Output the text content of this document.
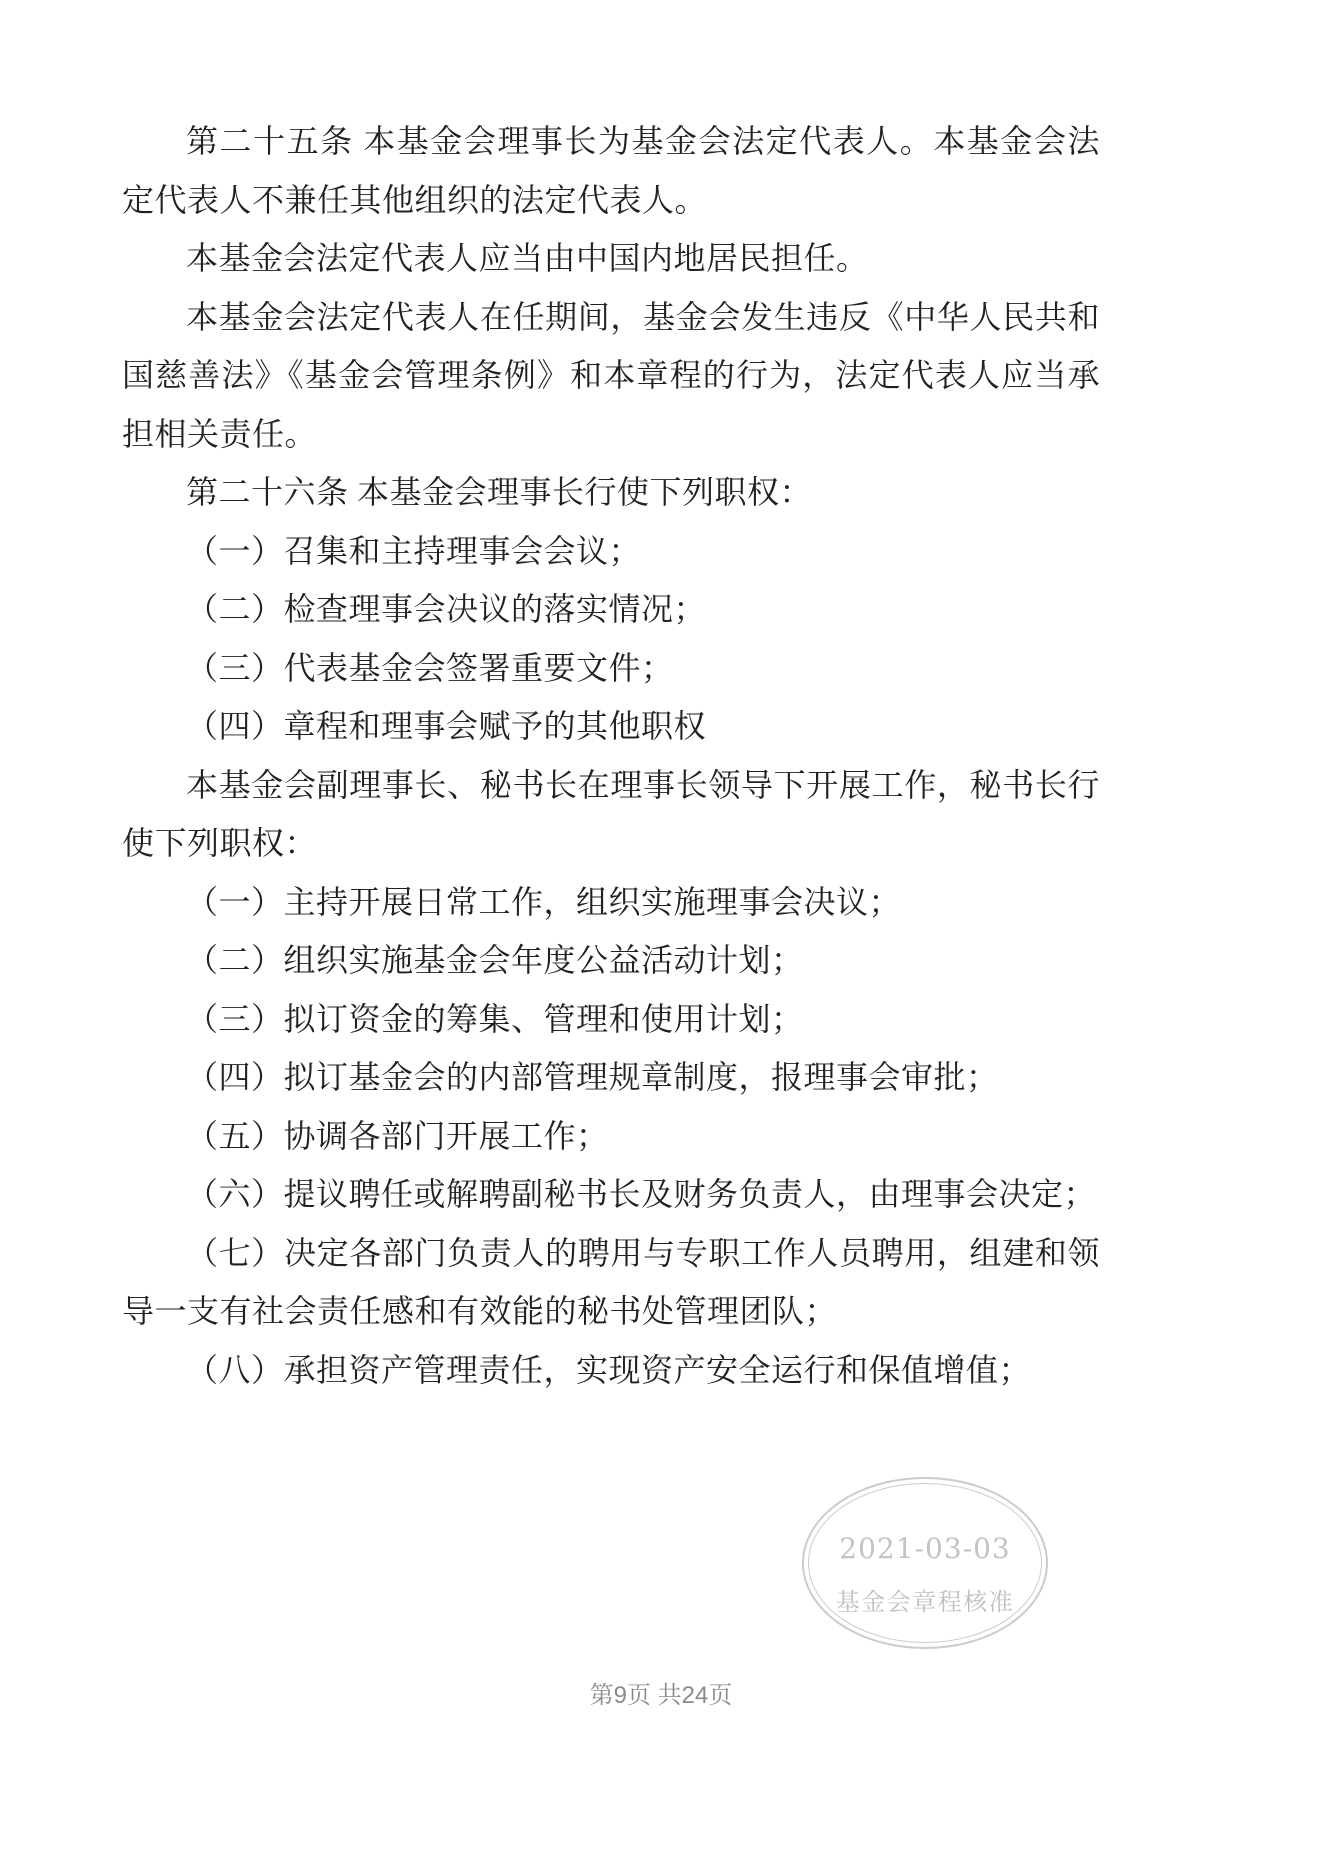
第二十五条 本基金会理事长为基金会法定代表人。本基金会法
定代表人不兼任其他组织的法定代表人。
本基金会法定代表人应当由中国内地居民担任。
本基金会法定代表人在任期间，基金会发生违反《中华人民共和
国慈善法》《基金会管理条例》和本章程的行为，法定代表人应当承
担相关责任。
第二十六条 本基金会理事长行使下列职权：
（一）召集和主持理事会会议；
（二）检查理事会决议的落实情况；
（三）代表基金会签署重要文件；
（四）章程和理事会赋予的其他职权
本基金会副理事长、秘书长在理事长领导下开展工作，秘书长行
使下列职权：
（一）主持开展日常工作，组织实施理事会决议；
（二）组织实施基金会年度公益活动计划；
（三）拟订资金的筹集、管理和使用计划；
（四）拟订基金会的内部管理规章制度，报理事会审批；
（五）协调各部门开展工作；
（六）提议聘任或解聘副秘书长及财务负责人，由理事会决定；
（七）决定各部门负责人的聘用与专职工作人员聘用，组建和领
导一支有社会责任感和有效能的秘书处管理团队；
（八）承担资产管理责任，实现资产安全运行和保值增值；
2021-03-03
基金会章程核准
第9页 共24页
